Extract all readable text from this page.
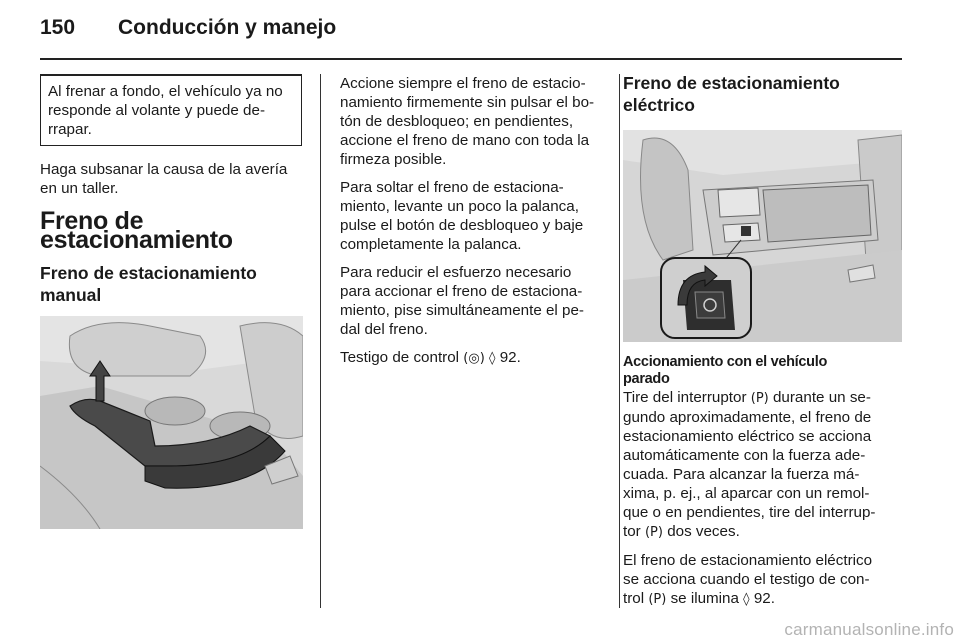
150 Conducción y manejo
Al frenar a fondo, el vehículo ya no
responde al volante y puede de-
rrapar.
Haga subsanar la causa de la avería
en un taller.
Freno de estacionamiento
Freno de estacionamiento
manual
Accione siempre el freno de estacio-
namiento firmemente sin pulsar el bo-
tón de desbloqueo; en pendientes,
accione el freno de mano con toda la
firmeza posible.
Para soltar el freno de estaciona-
miento, levante un poco la palanca,
pulse el botón de desbloqueo y baje
completamente la palanca.
Para reducir el esfuerzo necesario
para accionar el freno de estaciona-
miento, pise simultáneamente el pe-
dal del freno.
Testigo de control (◎) ◊ 92.
Freno de estacionamiento
eléctrico
Accionamiento con el vehículo
parado
Tire del interruptor (P) durante un se-
gundo aproximadamente, el freno de
estacionamiento eléctrico se acciona
automáticamente con la fuerza ade-
cuada. Para alcanzar la fuerza má-
xima, p. ej., al aparcar con un remol-
que o en pendientes, tire del interrup-
tor (P) dos veces.
El freno de estacionamiento eléctrico
se acciona cuando el testigo de con-
trol (P) se ilumina ◊ 92.
carmanualsonline.info
